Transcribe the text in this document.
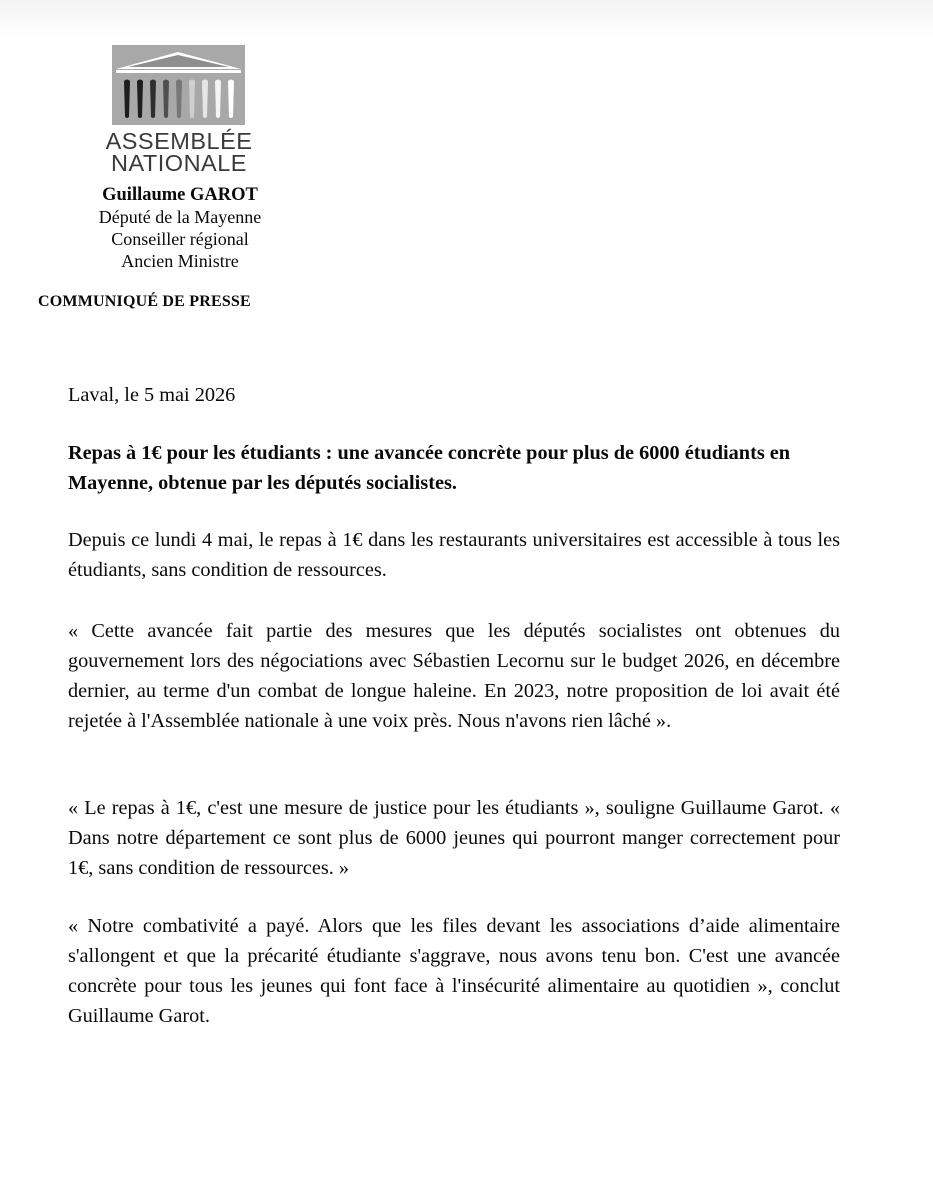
ASSEMBLÉE
NATIONALE
Guillaume GAROT
Député de la Mayenne
Conseiller régional
Ancien Ministre
COMMUNIQUÉ DE PRESSE
Laval, le 5 mai 2026
Repas à 1€ pour les étudiants : une avancée concrète pour plus de 6000 étudiants en Mayenne, obtenue par les députés socialistes.
Depuis ce lundi 4 mai, le repas à 1€ dans les restaurants universitaires est accessible à tous les étudiants, sans condition de ressources.
« Cette avancée fait partie des mesures que les députés socialistes ont obtenues du gouvernement lors des négociations avec Sébastien Lecornu sur le budget 2026, en décembre dernier, au terme d'un combat de longue haleine. En 2023, notre proposition de loi avait été rejetée à l'Assemblée nationale à une voix près. Nous n'avons rien lâché ».
« Le repas à 1€, c'est une mesure de justice pour les étudiants », souligne Guillaume Garot. « Dans notre département ce sont plus de 6000 jeunes qui pourront manger correctement pour 1€, sans condition de ressources. »
« Notre combativité a payé. Alors que les files devant les associations d’aide alimentaire s'allongent et que la précarité étudiante s'aggrave, nous avons tenu bon. C'est une avancée concrète pour tous les jeunes qui font face à l'insécurité alimentaire au quotidien », conclut Guillaume Garot.
